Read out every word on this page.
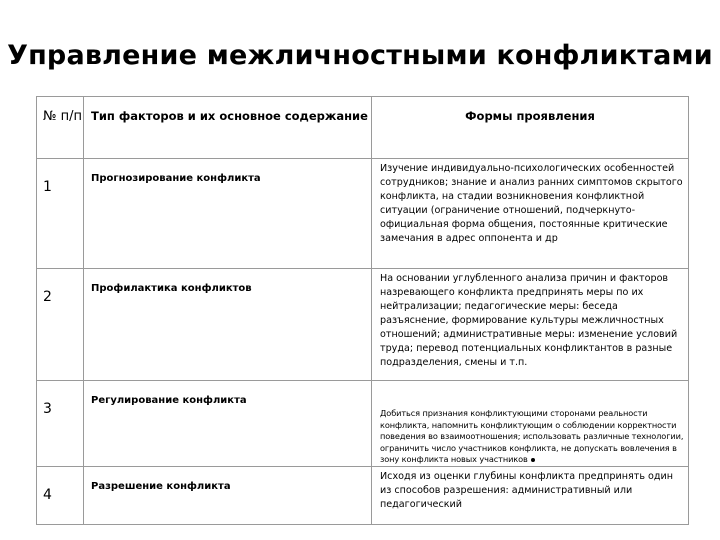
Управление межличностными конфликтами
№ п/п	Тип факторов и их основное содержание	Формы проявления
1	Прогнозирование конфликта	Изучение индивидуально-психологических особенностей сотрудников; знание и анализ ранних симптомов скрытого конфликта, на стадии возникновения конфликтной ситуации (ограничение отношений, подчеркнуто-официальная форма общения, постоянные критические замечания в адрес оппонента и др
2	Профилактика конфликтов	На основании углубленного анализа причин и факторов назревающего конфликта предпринять меры по их нейтрализации; педагогические меры: беседа разъяснение, формирование культуры межличностных отношений; административные меры: изменение условий труда; перевод потенциальных конфликтантов в разные подразделения, смены и т.п.
3	Регулирование конфликта	Добиться признания конфликтующими сторонами реальности конфликта, напомнить конфликтующим о соблюдении корректности поведения во взаимоотношения; использовать различные технологии, ограничить число участников конфликта, не допускать вовлечения в зону конфликта новых участников
4	Разрешение конфликта	Исходя из оценки глубины конфликта предпринять один из способов разрешения: административный или педагогический
